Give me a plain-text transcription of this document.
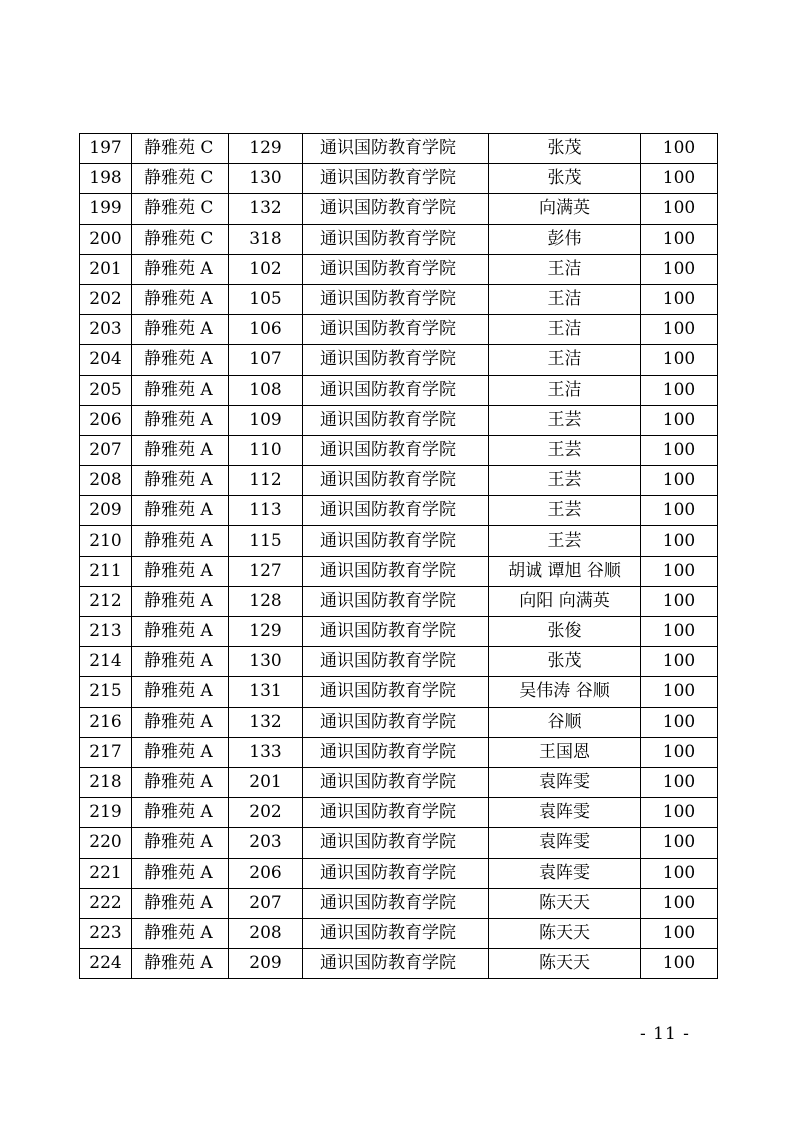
197	静雅苑 C	129	通识国防教育学院	张茂	100
198	静雅苑 C	130	通识国防教育学院	张茂	100
199	静雅苑 C	132	通识国防教育学院	向满英	100
200	静雅苑 C	318	通识国防教育学院	彭伟	100
201	静雅苑 A	102	通识国防教育学院	王洁	100
202	静雅苑 A	105	通识国防教育学院	王洁	100
203	静雅苑 A	106	通识国防教育学院	王洁	100
204	静雅苑 A	107	通识国防教育学院	王洁	100
205	静雅苑 A	108	通识国防教育学院	王洁	100
206	静雅苑 A	109	通识国防教育学院	王芸	100
207	静雅苑 A	110	通识国防教育学院	王芸	100
208	静雅苑 A	112	通识国防教育学院	王芸	100
209	静雅苑 A	113	通识国防教育学院	王芸	100
210	静雅苑 A	115	通识国防教育学院	王芸	100
211	静雅苑 A	127	通识国防教育学院	胡诚 谭旭 谷顺	100
212	静雅苑 A	128	通识国防教育学院	向阳 向满英	100
213	静雅苑 A	129	通识国防教育学院	张俊	100
214	静雅苑 A	130	通识国防教育学院	张茂	100
215	静雅苑 A	131	通识国防教育学院	吴伟涛 谷顺	100
216	静雅苑 A	132	通识国防教育学院	谷顺	100
217	静雅苑 A	133	通识国防教育学院	王国恩	100
218	静雅苑 A	201	通识国防教育学院	袁阵雯	100
219	静雅苑 A	202	通识国防教育学院	袁阵雯	100
220	静雅苑 A	203	通识国防教育学院	袁阵雯	100
221	静雅苑 A	206	通识国防教育学院	袁阵雯	100
222	静雅苑 A	207	通识国防教育学院	陈天天	100
223	静雅苑 A	208	通识国防教育学院	陈天天	100
224	静雅苑 A	209	通识国防教育学院	陈天天	100
- 11 -
